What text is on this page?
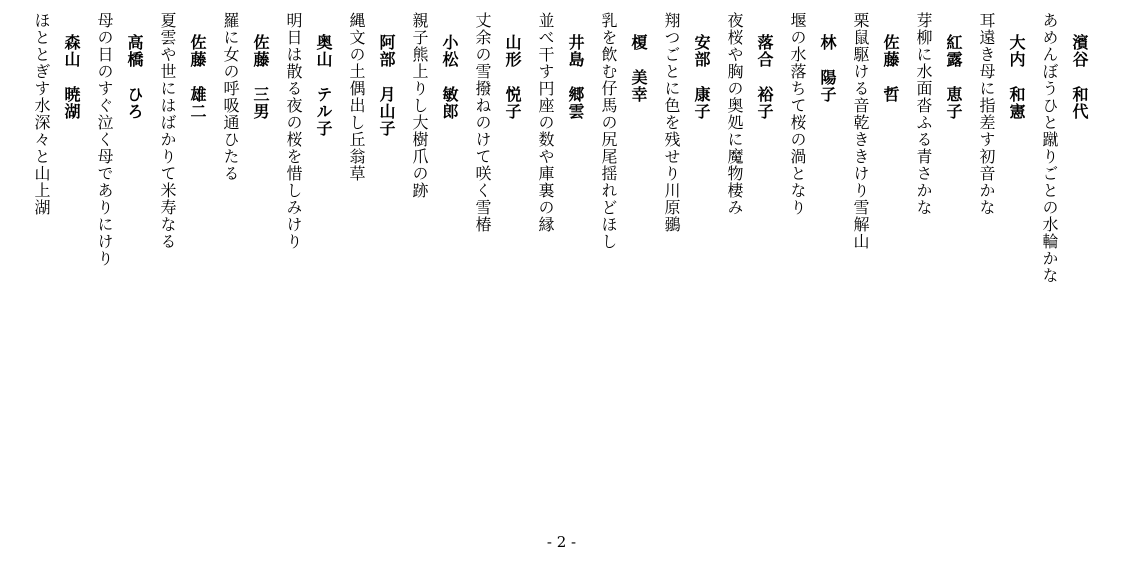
濱谷和代
あめんぼうひと蹴りごとの水輪かな
大内和憲
耳遠き母に指差す初音かな
紅露恵子
芽柳に水面沓ふる青さかな
佐藤哲
栗鼠駆ける音乾ききけり雪解山
林陽子
堰の水落ちて桜の渦となり
落合裕子
夜桜や胸の奥処に魔物棲み
安部康子
翔つごとに色を残せり川原鶸
榎美幸
乳を飲む仔馬の尻尾揺れどほし
井島郷雲
並べ干す円座の数や庫裏の縁
山形悦子
丈余の雪撥ねのけて咲く雪椿
小松敏郎
親子熊上りし大樹爪の跡
阿部月山子
縄文の土偶出し丘翁草
奥山テル子
明日は散る夜の桜を惜しみけり
佐藤三男
羅に女の呼吸通ひたる
佐藤雄二
夏雲や世にはばかりて米寿なる
高橋ひろ
母の日のすぐ泣く母でありにけり
森山暁湖
ほととぎす水深々と山上湖
- 2 -
